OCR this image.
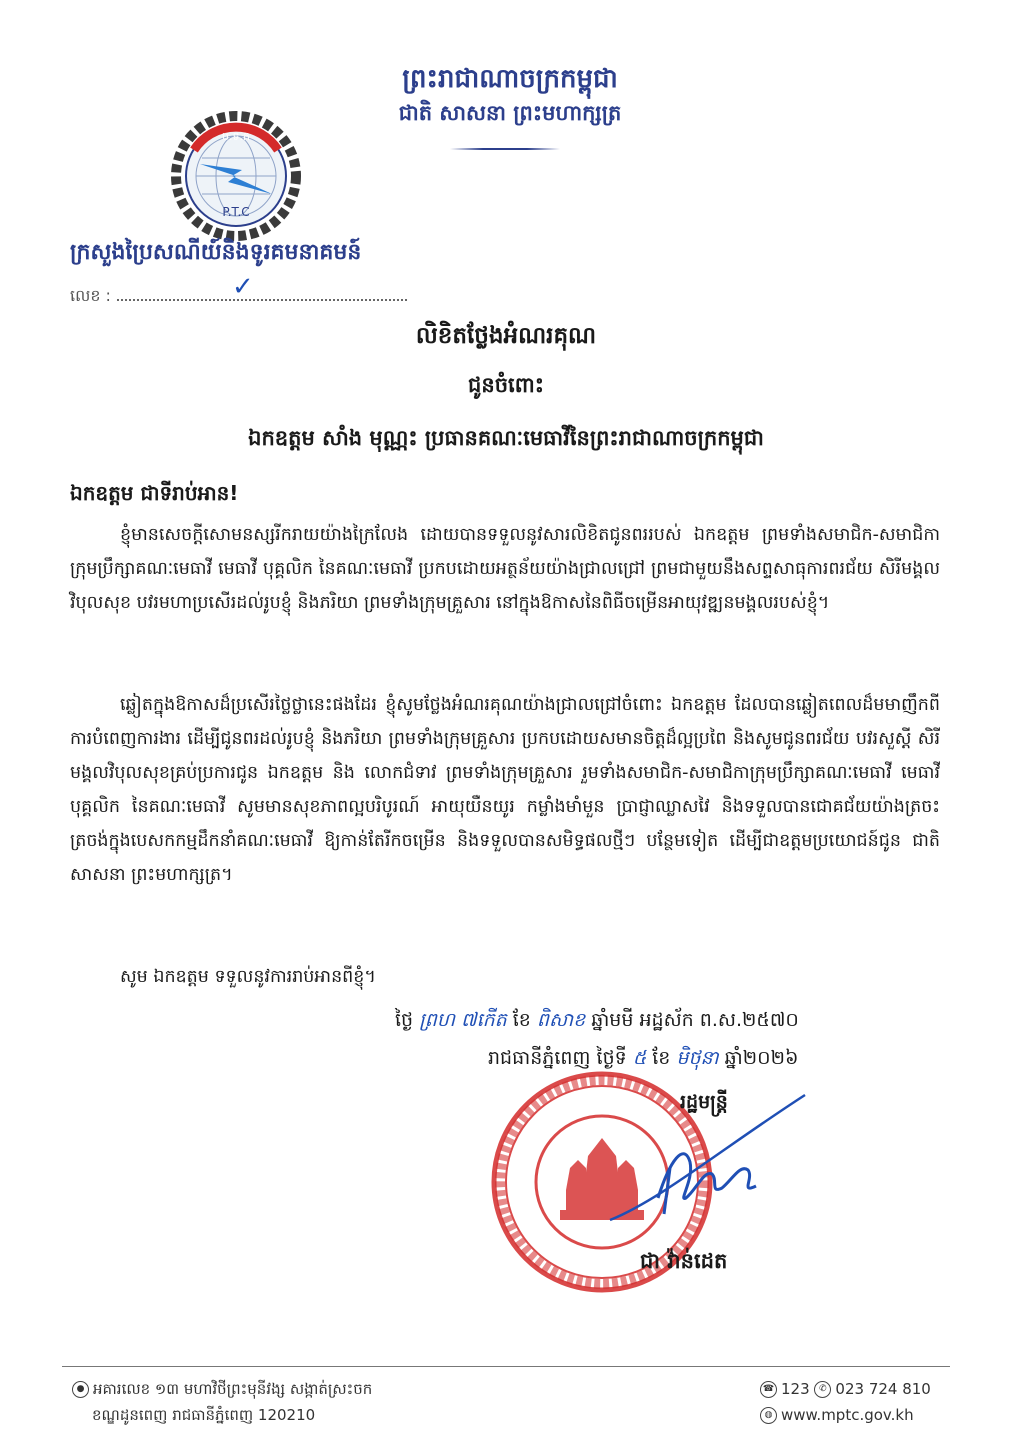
ព្រះរាជាណាចក្រកម្ពុជា
ជាតិ សាសនា ព្រះមហាក្សត្រ
ប.ទ.ក
P.T.C
ក្រសួងប្រៃសណីយ៍និងទូរគមនាគមន៍
លេខ :	✓
លិខិតថ្លែងអំណរគុណ
ជូនចំពោះ
ឯកឧត្តម សាំង មុណ្ណះ ប្រធានគណៈមេធាវីនៃព្រះរាជាណាចក្រកម្ពុជា
ឯកឧត្តម ជាទីរាប់អាន!
ខ្ញុំមានសេចក្តីសោមនស្សរីករាយយ៉ាងក្រៃលែង ដោយបានទទួលនូវសារលិខិតជូនពររបស់ ឯកឧត្តម ព្រមទាំងសមាជិក-សមាជិកាក្រុមប្រឹក្សាគណៈមេធាវី មេធាវី បុគ្គលិក នៃគណៈមេធាវី ប្រកបដោយអត្ថន័យយ៉ាងជ្រាលជ្រៅ ព្រមជាមួយនឹងសព្ទសាធុការពរជ័យ សិរីមង្គលវិបុលសុខ បវរមហាប្រសើរដល់រូបខ្ញុំ និងភរិយា ព្រមទាំងក្រុមគ្រួសារ នៅក្នុងឱកាសនៃពិធីចម្រើនអាយុវឌ្ឍនមង្គលរបស់ខ្ញុំ។
ឆ្លៀតក្នុងឱកាសដ៏ប្រសើរថ្លៃថ្លានេះផងដែរ ខ្ញុំសូមថ្លែងអំណរគុណយ៉ាងជ្រាលជ្រៅចំពោះ ឯកឧត្តម ដែលបានឆ្លៀតពេលដ៏មមាញឹកពីការបំពេញការងារ ដើម្បីជូនពរដល់រូបខ្ញុំ និងភរិយា ព្រមទាំងក្រុមគ្រួសារ ប្រកបដោយសមានចិត្តដ៏ល្អប្រពៃ និងសូមជូនពរជ័យ បវរសួស្តី សិរីមង្គលវិបុលសុខគ្រប់ប្រការជូន ឯកឧត្តម និង លោកជំទាវ ព្រមទាំងក្រុមគ្រួសារ រួមទាំងសមាជិក-សមាជិកាក្រុមប្រឹក្សាគណៈមេធាវី មេធាវី បុគ្គលិក នៃគណៈមេធាវី សូមមានសុខភាពល្អបរិបូរណ៍ អាយុយឺនយូរ កម្លាំងមាំមួន ប្រាជ្ញាឈ្លាសវៃ និងទទួលបានជោគជ័យយ៉ាងត្រចះត្រចង់ក្នុងបេសកកម្មដឹកនាំគណៈមេធាវី ឱ្យកាន់តែរីកចម្រើន និងទទួលបានសមិទ្ធផលថ្មីៗ បន្ថែមទៀត ដើម្បីជាឧត្តមប្រយោជន៍ជូន ជាតិ សាសនា ព្រះមហាក្សត្រ។
សូម ឯកឧត្តម ទទួលនូវការរាប់អានពីខ្ញុំ។
ថ្ងៃ ព្រហ ៧កើត ខែ ពិសាខ ឆ្នាំមមី អដ្ឋស័ក ព.ស.២៥៧០
រាជធានីភ្នំពេញ ថ្ងៃទី ៥ ខែ មិថុនា ឆ្នាំ២០២៦
រដ្ឋមន្ត្រី
ជា វ៉ាន់ដេត
● អគារលេខ ១៣ មហាវិថីព្រះមុនីវង្ស សង្កាត់ស្រះចក
ខណ្ឌដូនពេញ រាជធានីភ្នំពេញ 120210
☎ 123 ✆ 023 724 810
◍ www.mptc.gov.kh
